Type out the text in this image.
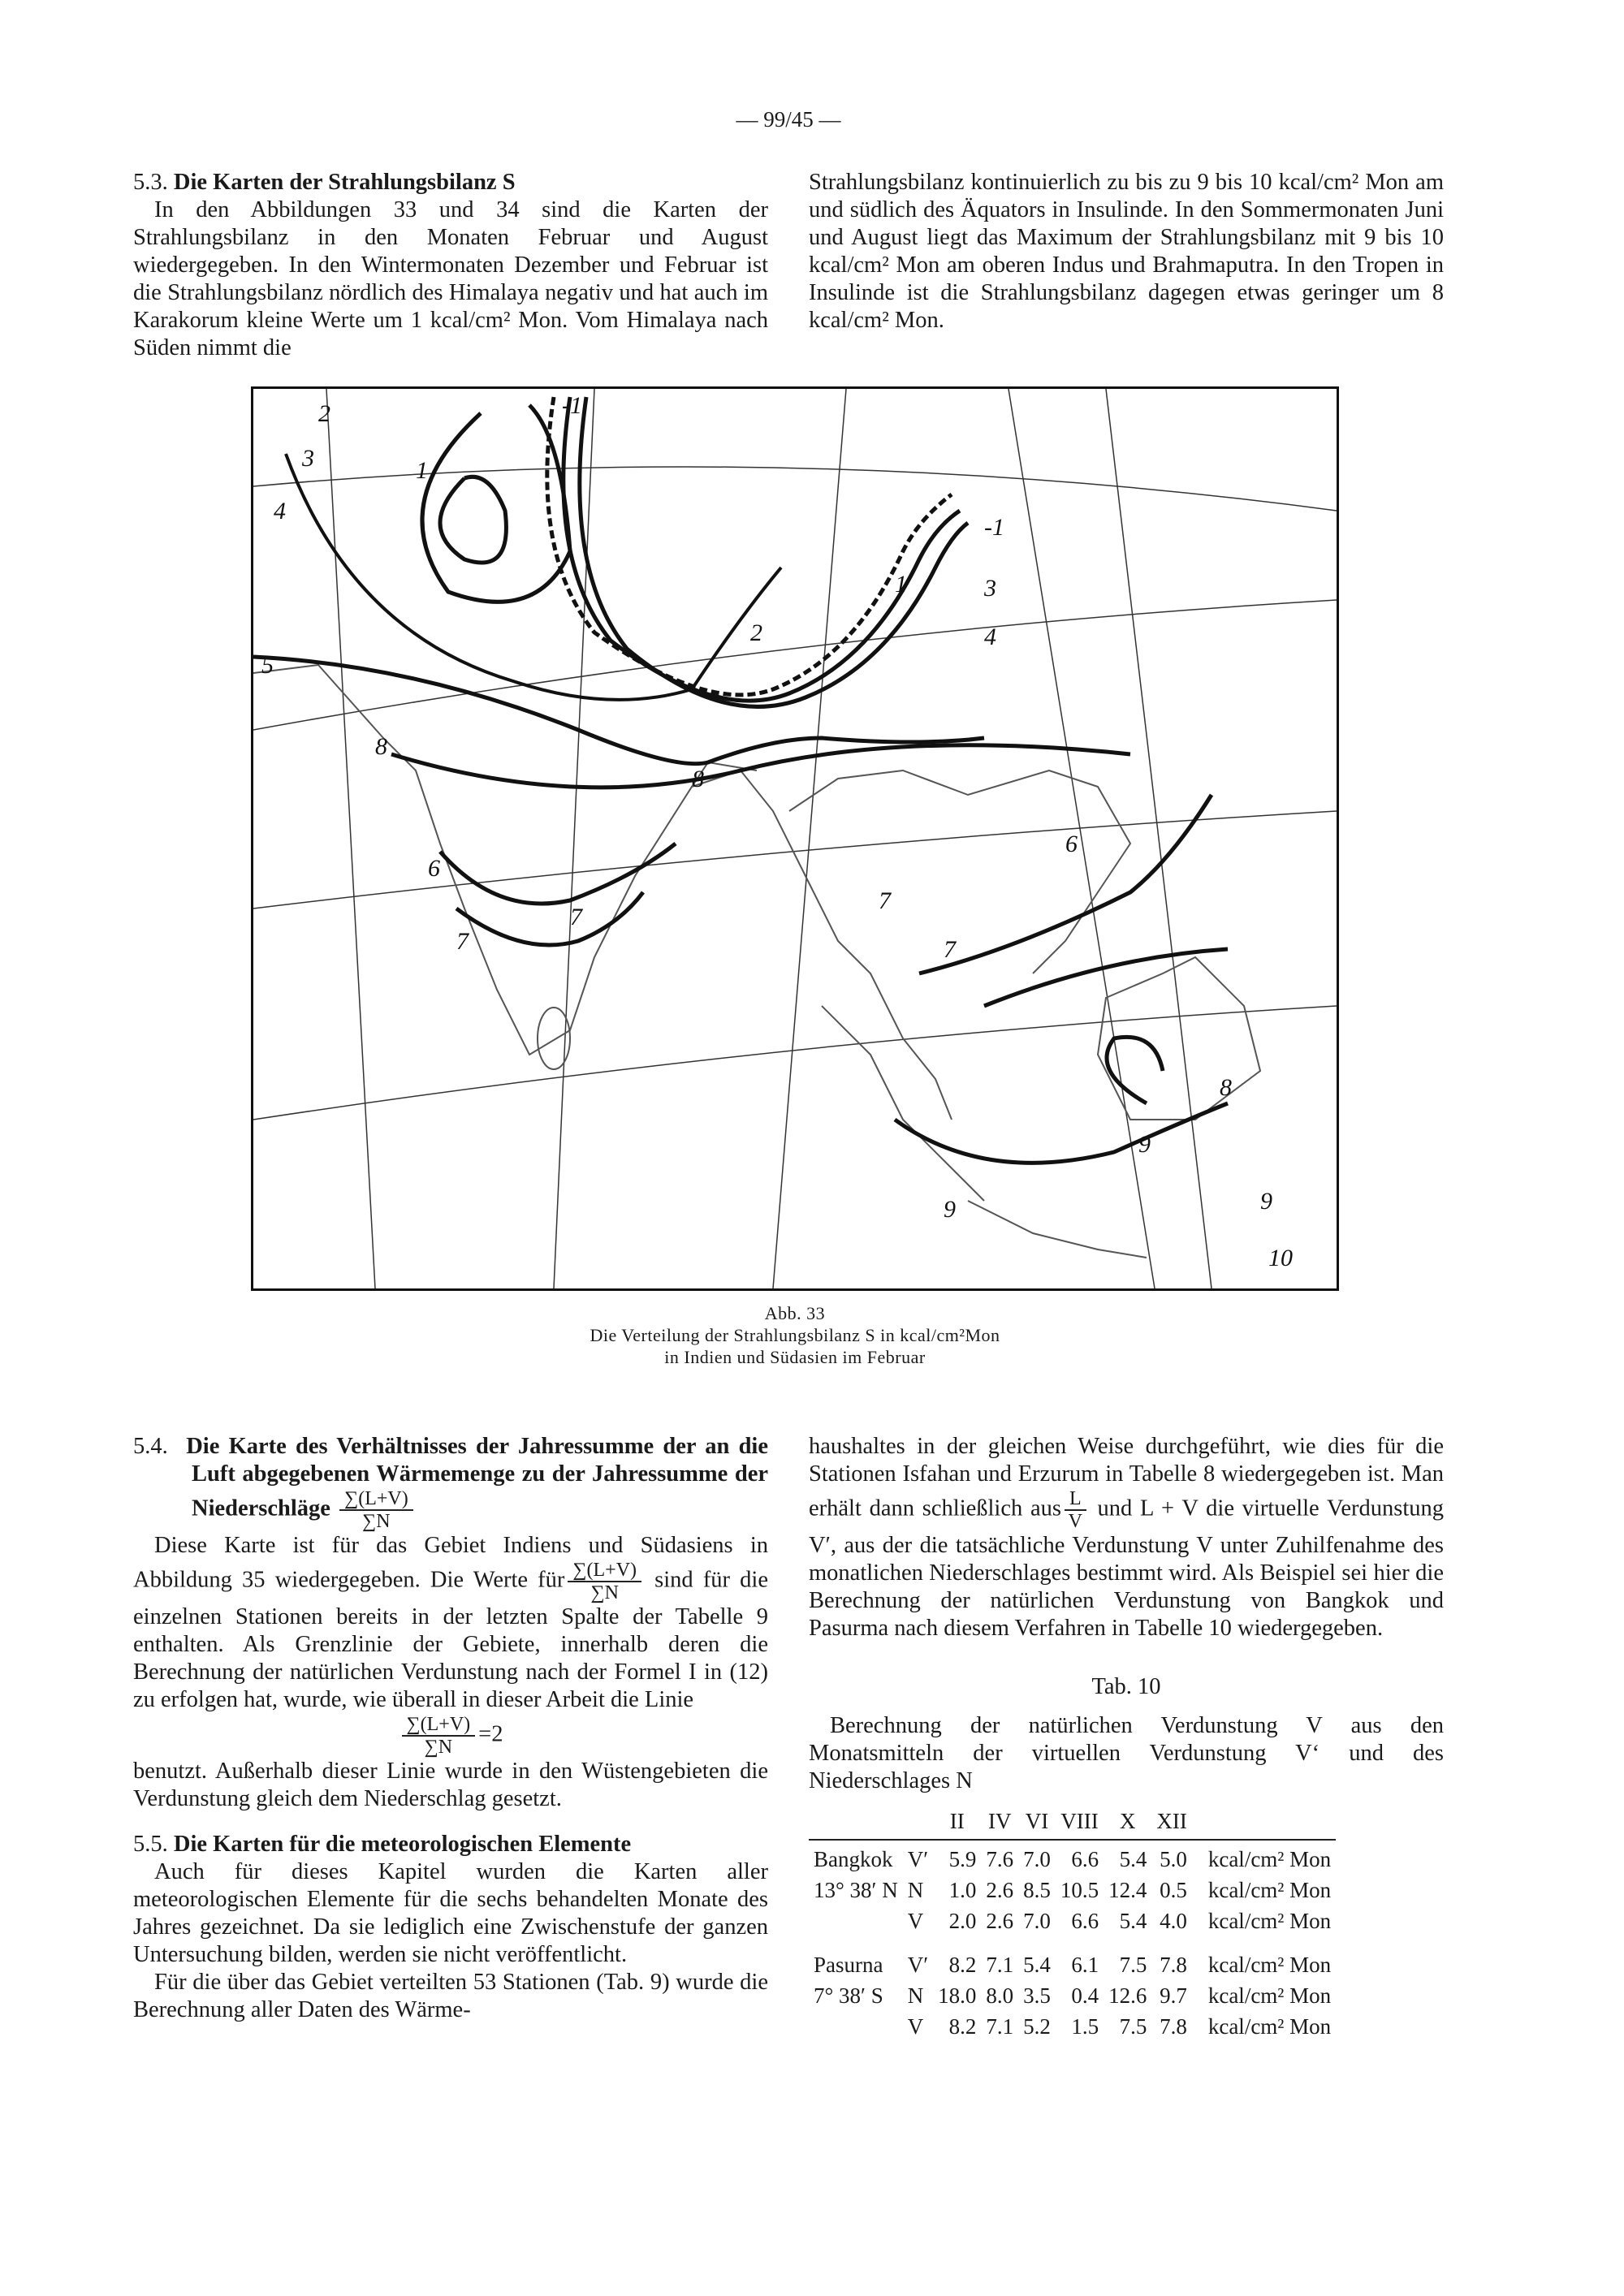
— 99/45 —
5.3. Die Karten der Strahlungsbilanz S

In den Abbildungen 33 und 34 sind die Karten der Strahlungsbilanz in den Monaten Februar und August wiedergegeben. In den Wintermonaten Dezember und Februar ist die Strahlungsbilanz nördlich des Himalaya negativ und hat auch im Karakorum kleine Werte um 1 kcal/cm² Mon. Vom Himalaya nach Süden nimmt die

Strahlungsbilanz kontinuierlich zu bis zu 9 bis 10 kcal/cm² Mon am und südlich des Äquators in Insulinde. In den Sommermonaten Juni und August liegt das Maximum der Strahlungsbilanz mit 9 bis 10 kcal/cm² Mon am oberen Indus und Brahmaputra. In den Tropen in Insulinde ist die Strahlungsbilanz dagegen etwas geringer um 8 kcal/cm² Mon.

-1
-1
1
2
3
4
3
4
5
6
6
7
7
7
7
8
8
8
9
9
9
10
1
2
Abb. 33
Die Verteilung der Strahlungsbilanz S in kcal/cm²Mon
in Indien und Südasien im Februar
5.4. Die Karte des Verhältnisses der Jahressumme der an die Luft abgegebenen Wärmemenge zu der Jahressumme der Niederschläge $\frac{\sum(L+V)}{\sum N}$

Diese Karte ist für das Gebiet Indiens und Südasiens in Abbildung 35 wiedergegeben. Die Werte für $\frac{\sum(L+V)}{\sum N}$ sind für die einzelnen Stationen bereits in der letzten Spalte der Tabelle 9 enthalten. Als Grenzlinie der Gebiete, innerhalb deren die Berechnung der natürlichen Verdunstung nach der Formel I in (12) zu erfolgen hat, wurde, wie überall in dieser Arbeit die Linie

$\frac{\sum(L+V)}{\sum N} =2$

benutzt. Außerhalb dieser Linie wurde in den Wüstengebieten die Verdunstung gleich dem Niederschlag gesetzt.

5.5. Die Karten für die meteorologischen Elemente

Auch für dieses Kapitel wurden die Karten aller meteorologischen Elemente für die sechs behandelten Monate des Jahres gezeichnet. Da sie lediglich eine Zwischenstufe der ganzen Untersuchung bilden, werden sie nicht veröffentlicht.

Für die über das Gebiet verteilten 53 Stationen (Tab. 9) wurde die Berechnung aller Daten des Wärme-

haushaltes in der gleichen Weise durchgeführt, wie dies für die Stationen Isfahan und Erzurum in Tabelle 8 wiedergegeben ist. Man erhält dann schließlich aus $\frac{L}{V}$ und L + V die virtuelle Verdunstung V′, aus der die tatsächliche Verdunstung V unter Zuhilfenahme des monatlichen Niederschlages bestimmt wird. Als Beispiel sei hier die Berechnung der natürlichen Verdunstung von Bangkok und Pasurma nach diesem Verfahren in Tabelle 10 wiedergegeben.

Tab. 10

Berechnung der natürlichen Verdunstung V aus den Monatsmitteln der virtuellen Verdunstung V‘ und des Niederschlages N

		II	IV	VI	VIII	X	XII	

Bangkok	V′	5.9	7.6	7.0	6.6	5.4	5.0	kcal/cm² Mon
13° 38′ N	N	1.0	2.6	8.5	10.5	12.4	0.5	kcal/cm² Mon
	V	2.0	2.6	7.0	6.6	5.4	4.0	kcal/cm² Mon

Pasurna	V′	8.2	7.1	5.4	6.1	7.5	7.8	kcal/cm² Mon
7° 38′ S	N	18.0	8.0	3.5	0.4	12.6	9.7	kcal/cm² Mon
	V	8.2	7.1	5.2	1.5	7.5	7.8	kcal/cm² Mon
